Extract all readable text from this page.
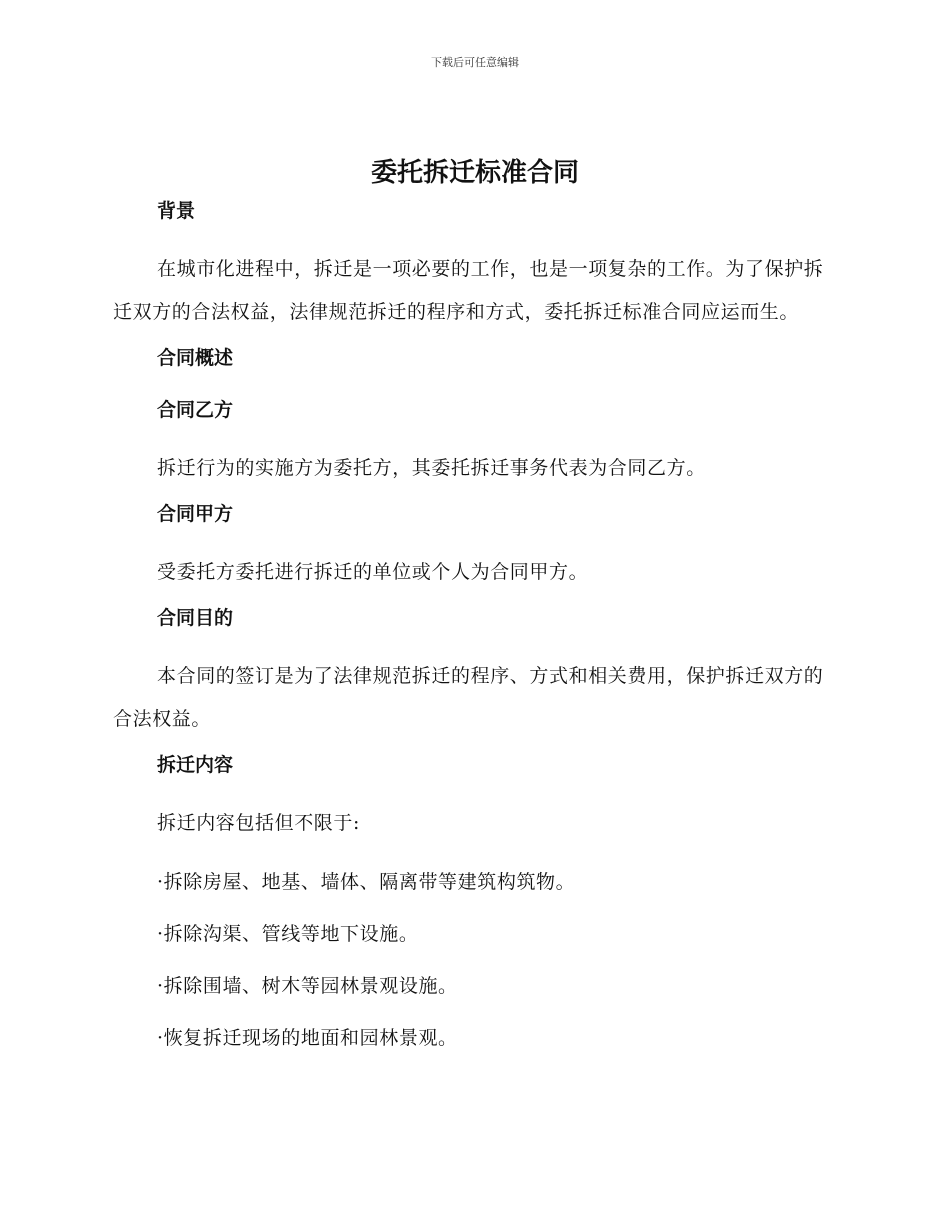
下载后可任意编辑
委托拆迁标准合同
背景

在城市化进程中，拆迁是一项必要的工作，也是一项复杂的工作。为了保护拆迁双方的合法权益，法律规范拆迁的程序和方式，委托拆迁标准合同应运而生。

合同概述
合同乙方

拆迁行为的实施方为委托方，其委托拆迁事务代表为合同乙方。

合同甲方

受委托方委托进行拆迁的单位或个人为合同甲方。

合同目的

本合同的签订是为了法律规范拆迁的程序、方式和相关费用，保护拆迁双方的合法权益。

拆迁内容

拆迁内容包括但不限于:

·拆除房屋、地基、墙体、隔离带等建筑构筑物。
·拆除沟渠、管线等地下设施。
·拆除围墙、树木等园林景观设施。
·恢复拆迁现场的地面和园林景观。
